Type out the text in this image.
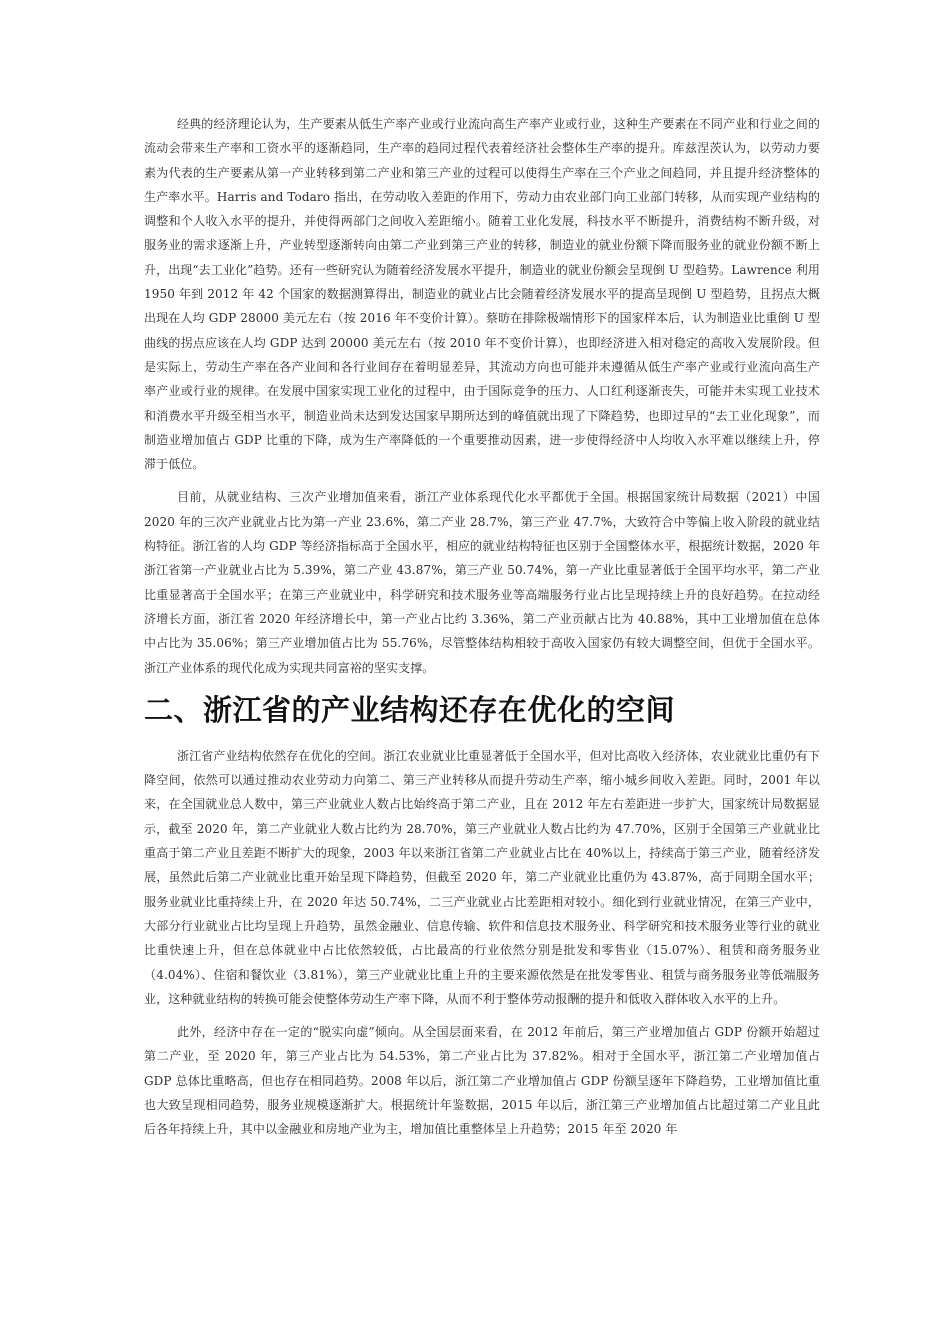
经典的经济理论认为，生产要素从低生产率产业或行业流向高生产率产业或行业，这种生产要素在不同产业和行业之间的流动会带来生产率和工资水平的逐渐趋同，生产率的趋同过程代表着经济社会整体生产率的提升。库兹涅茨认为，以劳动力要素为代表的生产要素从第一产业转移到第二产业和第三产业的过程可以使得生产率在三个产业之间趋同，并且提升经济整体的生产率水平。Harris and Todaro 指出，在劳动收入差距的作用下，劳动力由农业部门向工业部门转移，从而实现产业结构的调整和个人收入水平的提升，并使得两部门之间收入差距缩小。随着工业化发展，科技水平不断提升，消费结构不断升级，对服务业的需求逐渐上升，产业转型逐渐转向由第二产业到第三产业的转移，制造业的就业份额下降而服务业的就业份额不断上升，出现“去工业化”趋势。还有一些研究认为随着经济发展水平提升，制造业的就业份额会呈现倒 U 型趋势。Lawrence 利用 1950 年到 2012 年 42 个国家的数据测算得出，制造业的就业占比会随着经济发展水平的提高呈现倒 U 型趋势，且拐点大概出现在人均 GDP 28000 美元左右（按 2016 年不变价计算）。蔡昉在排除极端情形下的国家样本后，认为制造业比重倒 U 型曲线的拐点应该在人均 GDP 达到 20000 美元左右（按 2010 年不变价计算），也即经济进入相对稳定的高收入发展阶段。但是实际上，劳动生产率在各产业间和各行业间存在着明显差异，其流动方向也可能并未遵循从低生产率产业或行业流向高生产率产业或行业的规律。在发展中国家实现工业化的过程中，由于国际竞争的压力、人口红利逐渐丧失，可能并未实现工业技术和消费水平升级至相当水平，制造业尚未达到发达国家早期所达到的峰值就出现了下降趋势，也即过早的“去工业化现象”，而制造业增加值占 GDP 比重的下降，成为生产率降低的一个重要推动因素，进一步使得经济中人均收入水平难以继续上升，停滞于低位。

目前，从就业结构、三次产业增加值来看，浙江产业体系现代化水平都优于全国。根据国家统计局数据（2021）中国 2020 年的三次产业就业占比为第一产业 23.6%，第二产业 28.7%，第三产业 47.7%，大致符合中等偏上收入阶段的就业结构特征。浙江省的人均 GDP 等经济指标高于全国水平，相应的就业结构特征也区别于全国整体水平，根据统计数据，2020 年浙江省第一产业就业占比为 5.39%，第二产业 43.87%，第三产业 50.74%，第一产业比重显著低于全国平均水平，第二产业比重显著高于全国水平；在第三产业就业中，科学研究和技术服务业等高端服务行业占比呈现持续上升的良好趋势。在拉动经济增长方面，浙江省 2020 年经济增长中，第一产业占比约 3.36%，第二产业贡献占比为 40.88%，其中工业增加值在总体中占比为 35.06%；第三产业增加值占比为 55.76%，尽管整体结构相较于高收入国家仍有较大调整空间，但优于全国水平。浙江产业体系的现代化成为实现共同富裕的坚实支撑。

二、浙江省的产业结构还存在优化的空间

浙江省产业结构依然存在优化的空间。浙江农业就业比重显著低于全国水平，但对比高收入经济体，农业就业比重仍有下降空间，依然可以通过推动农业劳动力向第二、第三产业转移从而提升劳动生产率，缩小城乡间收入差距。同时，2001 年以来，在全国就业总人数中，第三产业就业人数占比始终高于第二产业，且在 2012 年左右差距进一步扩大，国家统计局数据显示，截至 2020 年，第二产业就业人数占比约为 28.70%，第三产业就业人数占比约为 47.70%，区别于全国第三产业就业比重高于第二产业且差距不断扩大的现象，2003 年以来浙江省第二产业就业占比在 40%以上，持续高于第三产业，随着经济发展，虽然此后第二产业就业比重开始呈现下降趋势，但截至 2020 年，第二产业就业比重仍为 43.87%，高于同期全国水平；服务业就业比重持续上升，在 2020 年达 50.74%，二三产业就业占比差距相对较小。细化到行业就业情况，在第三产业中，大部分行业就业占比均呈现上升趋势，虽然金融业、信息传输、软件和信息技术服务业、科学研究和技术服务业等行业的就业比重快速上升，但在总体就业中占比依然较低，占比最高的行业依然分别是批发和零售业（15.07%）、租赁和商务服务业（4.04%）、住宿和餐饮业（3.81%），第三产业就业比重上升的主要来源依然是在批发零售业、租赁与商务服务业等低端服务业，这种就业结构的转换可能会使整体劳动生产率下降，从而不利于整体劳动报酬的提升和低收入群体收入水平的上升。

此外，经济中存在一定的“脱实向虚”倾向。从全国层面来看，在 2012 年前后，第三产业增加值占 GDP 份额开始超过第二产业，至 2020 年，第三产业占比为 54.53%，第二产业占比为 37.82%。相对于全国水平，浙江第二产业增加值占 GDP 总体比重略高，但也存在相同趋势。2008 年以后，浙江第二产业增加值占 GDP 份额呈逐年下降趋势，工业增加值比重也大致呈现相同趋势，服务业规模逐渐扩大。根据统计年鉴数据，2015 年以后，浙江第三产业增加值占比超过第二产业且此后各年持续上升，其中以金融业和房地产业为主，增加值比重整体呈上升趋势；2015 年至 2020 年
